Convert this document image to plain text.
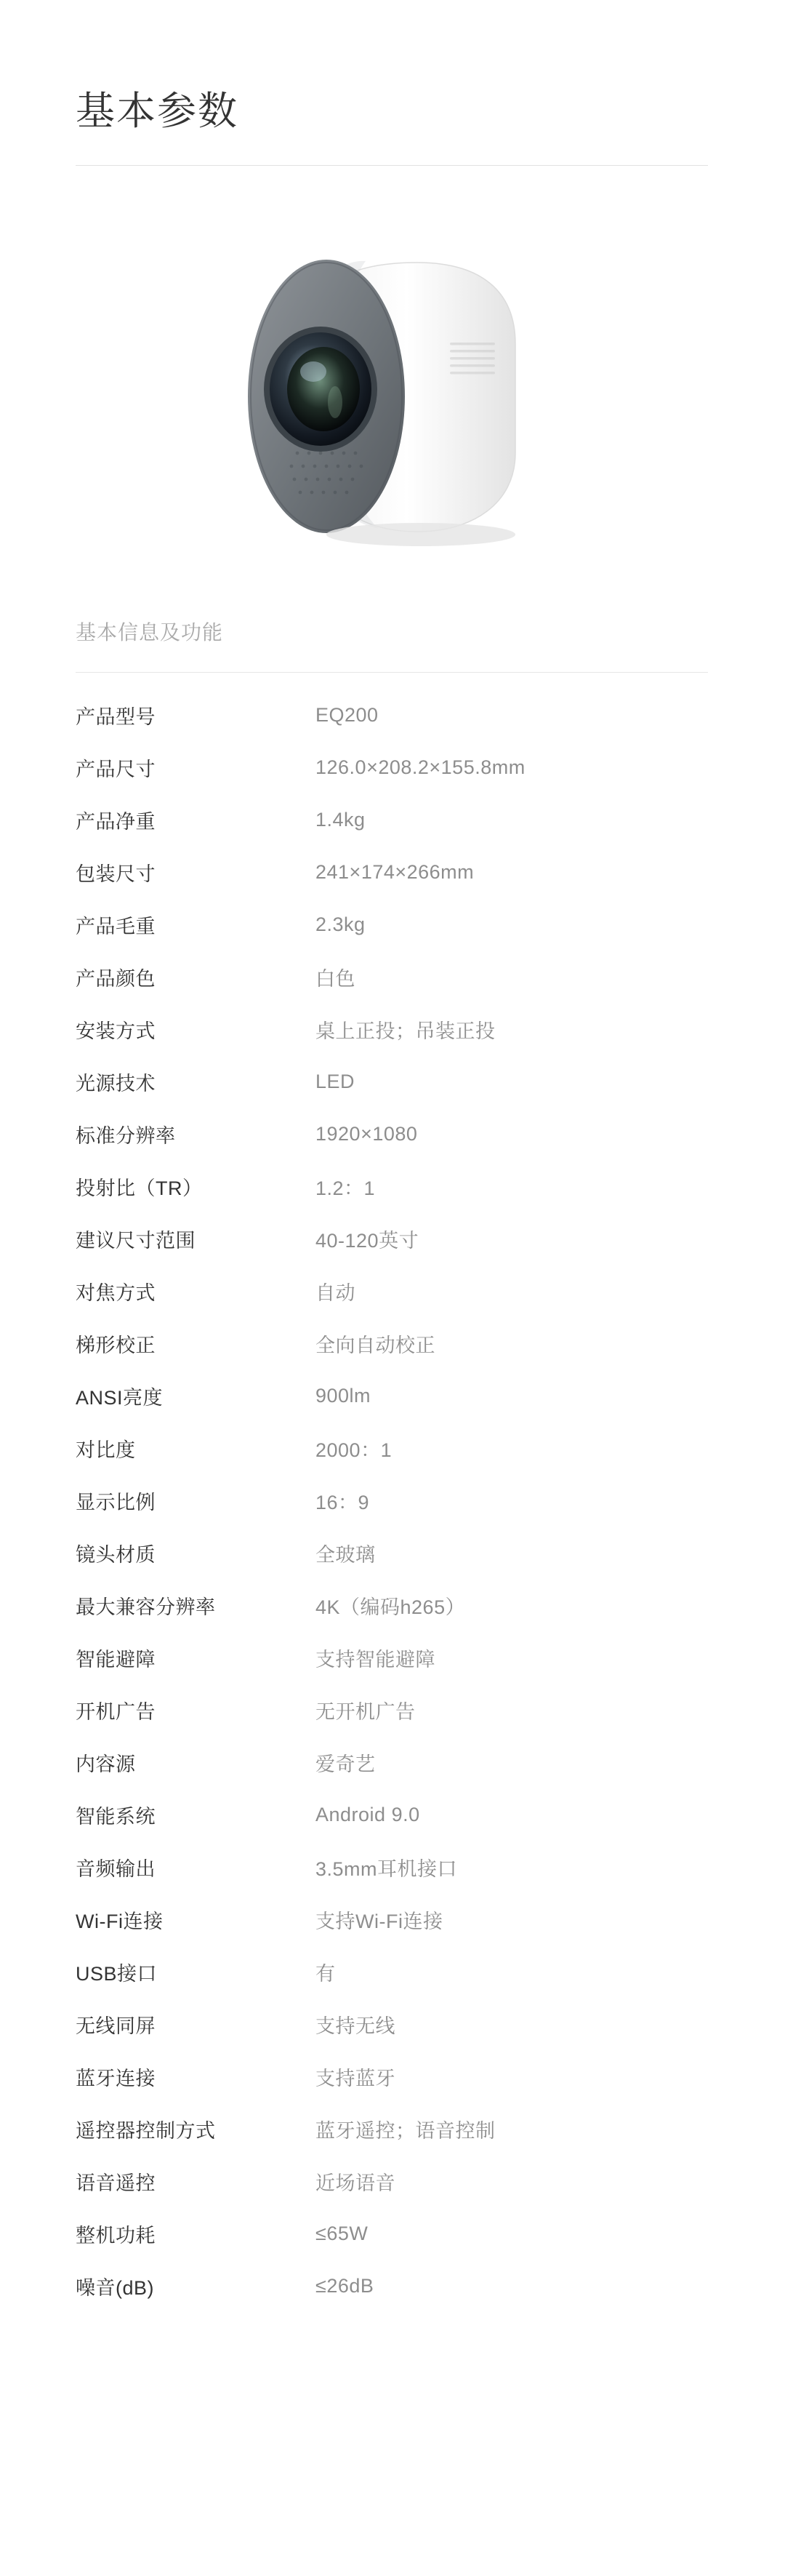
基本参数
基本信息及功能
产品型号	EQ200
产品尺寸	126.0×208.2×155.8mm
产品净重	1.4kg
包装尺寸	241×174×266mm
产品毛重	2.3kg
产品颜色	白色
安装方式	桌上正投；吊装正投
光源技术	LED
标准分辨率	1920×1080
投射比（TR）	1.2：1
建议尺寸范围	40-120英寸
对焦方式	自动
梯形校正	全向自动校正
ANSI亮度	900lm
对比度	2000：1
显示比例	16：9
镜头材质	全玻璃
最大兼容分辨率	4K（编码h265）
智能避障	支持智能避障
开机广告	无开机广告
内容源	爱奇艺
智能系统	Android 9.0
音频输出	3.5mm耳机接口
Wi-Fi连接	支持Wi-Fi连接
USB接口	有
无线同屏	支持无线
蓝牙连接	支持蓝牙
遥控器控制方式	蓝牙遥控；语音控制
语音遥控	近场语音
整机功耗	≤65W
噪音(dB)	≤26dB
